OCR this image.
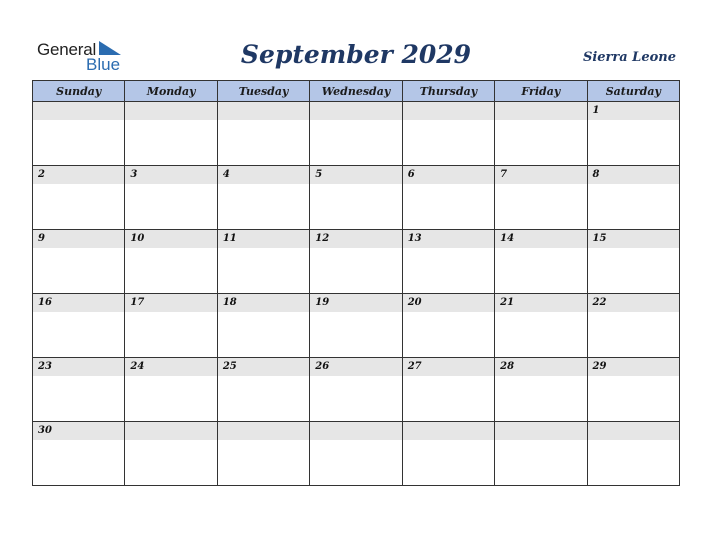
General
Blue	September 2029	Sierra Leone
Sunday	Monday	Tuesday	Wednesday	Thursday	Friday	Saturday

						1

2	3	4	5	6	7	8

9	10	11	12	13	14	15

16	17	18	19	20	21	22

23	24	25	26	27	28	29

30						
